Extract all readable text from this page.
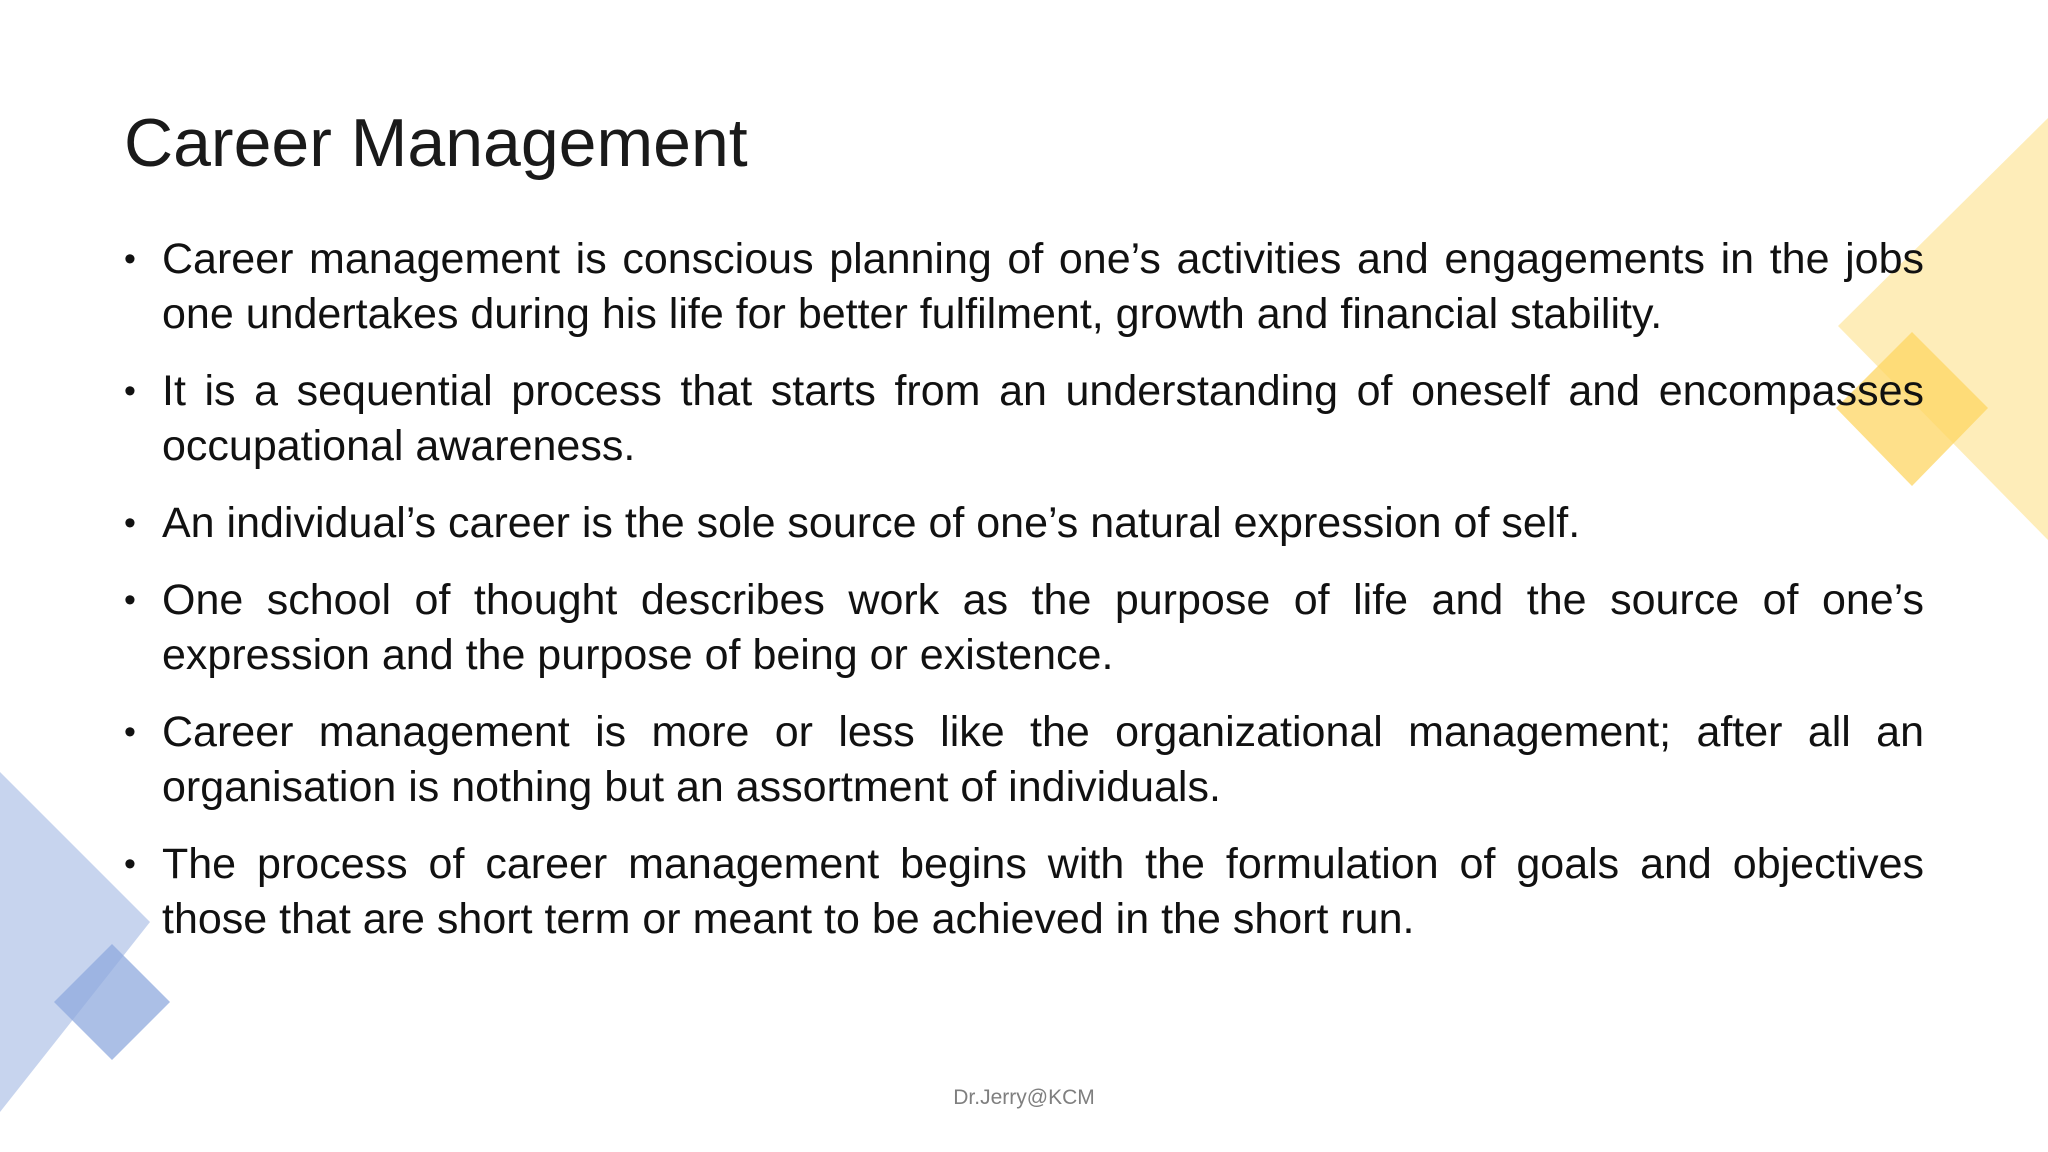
Career Management
• Career management is conscious planning of one’s activities and engagements in the jobs one undertakes during his life for better fulfilment, growth and financial stability.
• It is a sequential process that starts from an understanding of oneself and encompasses occupational awareness.
• An individual’s career is the sole source of one’s natural expression of self.
• One school of thought describes work as the purpose of life and the source of one’s expression and the purpose of being or existence.
• Career management is more or less like the organizational management; after all an organisation is nothing but an assortment of individuals.
• The process of career management begins with the formulation of goals and objectives those that are short term or meant to be achieved in the short run.
Dr.Jerry@KCM
